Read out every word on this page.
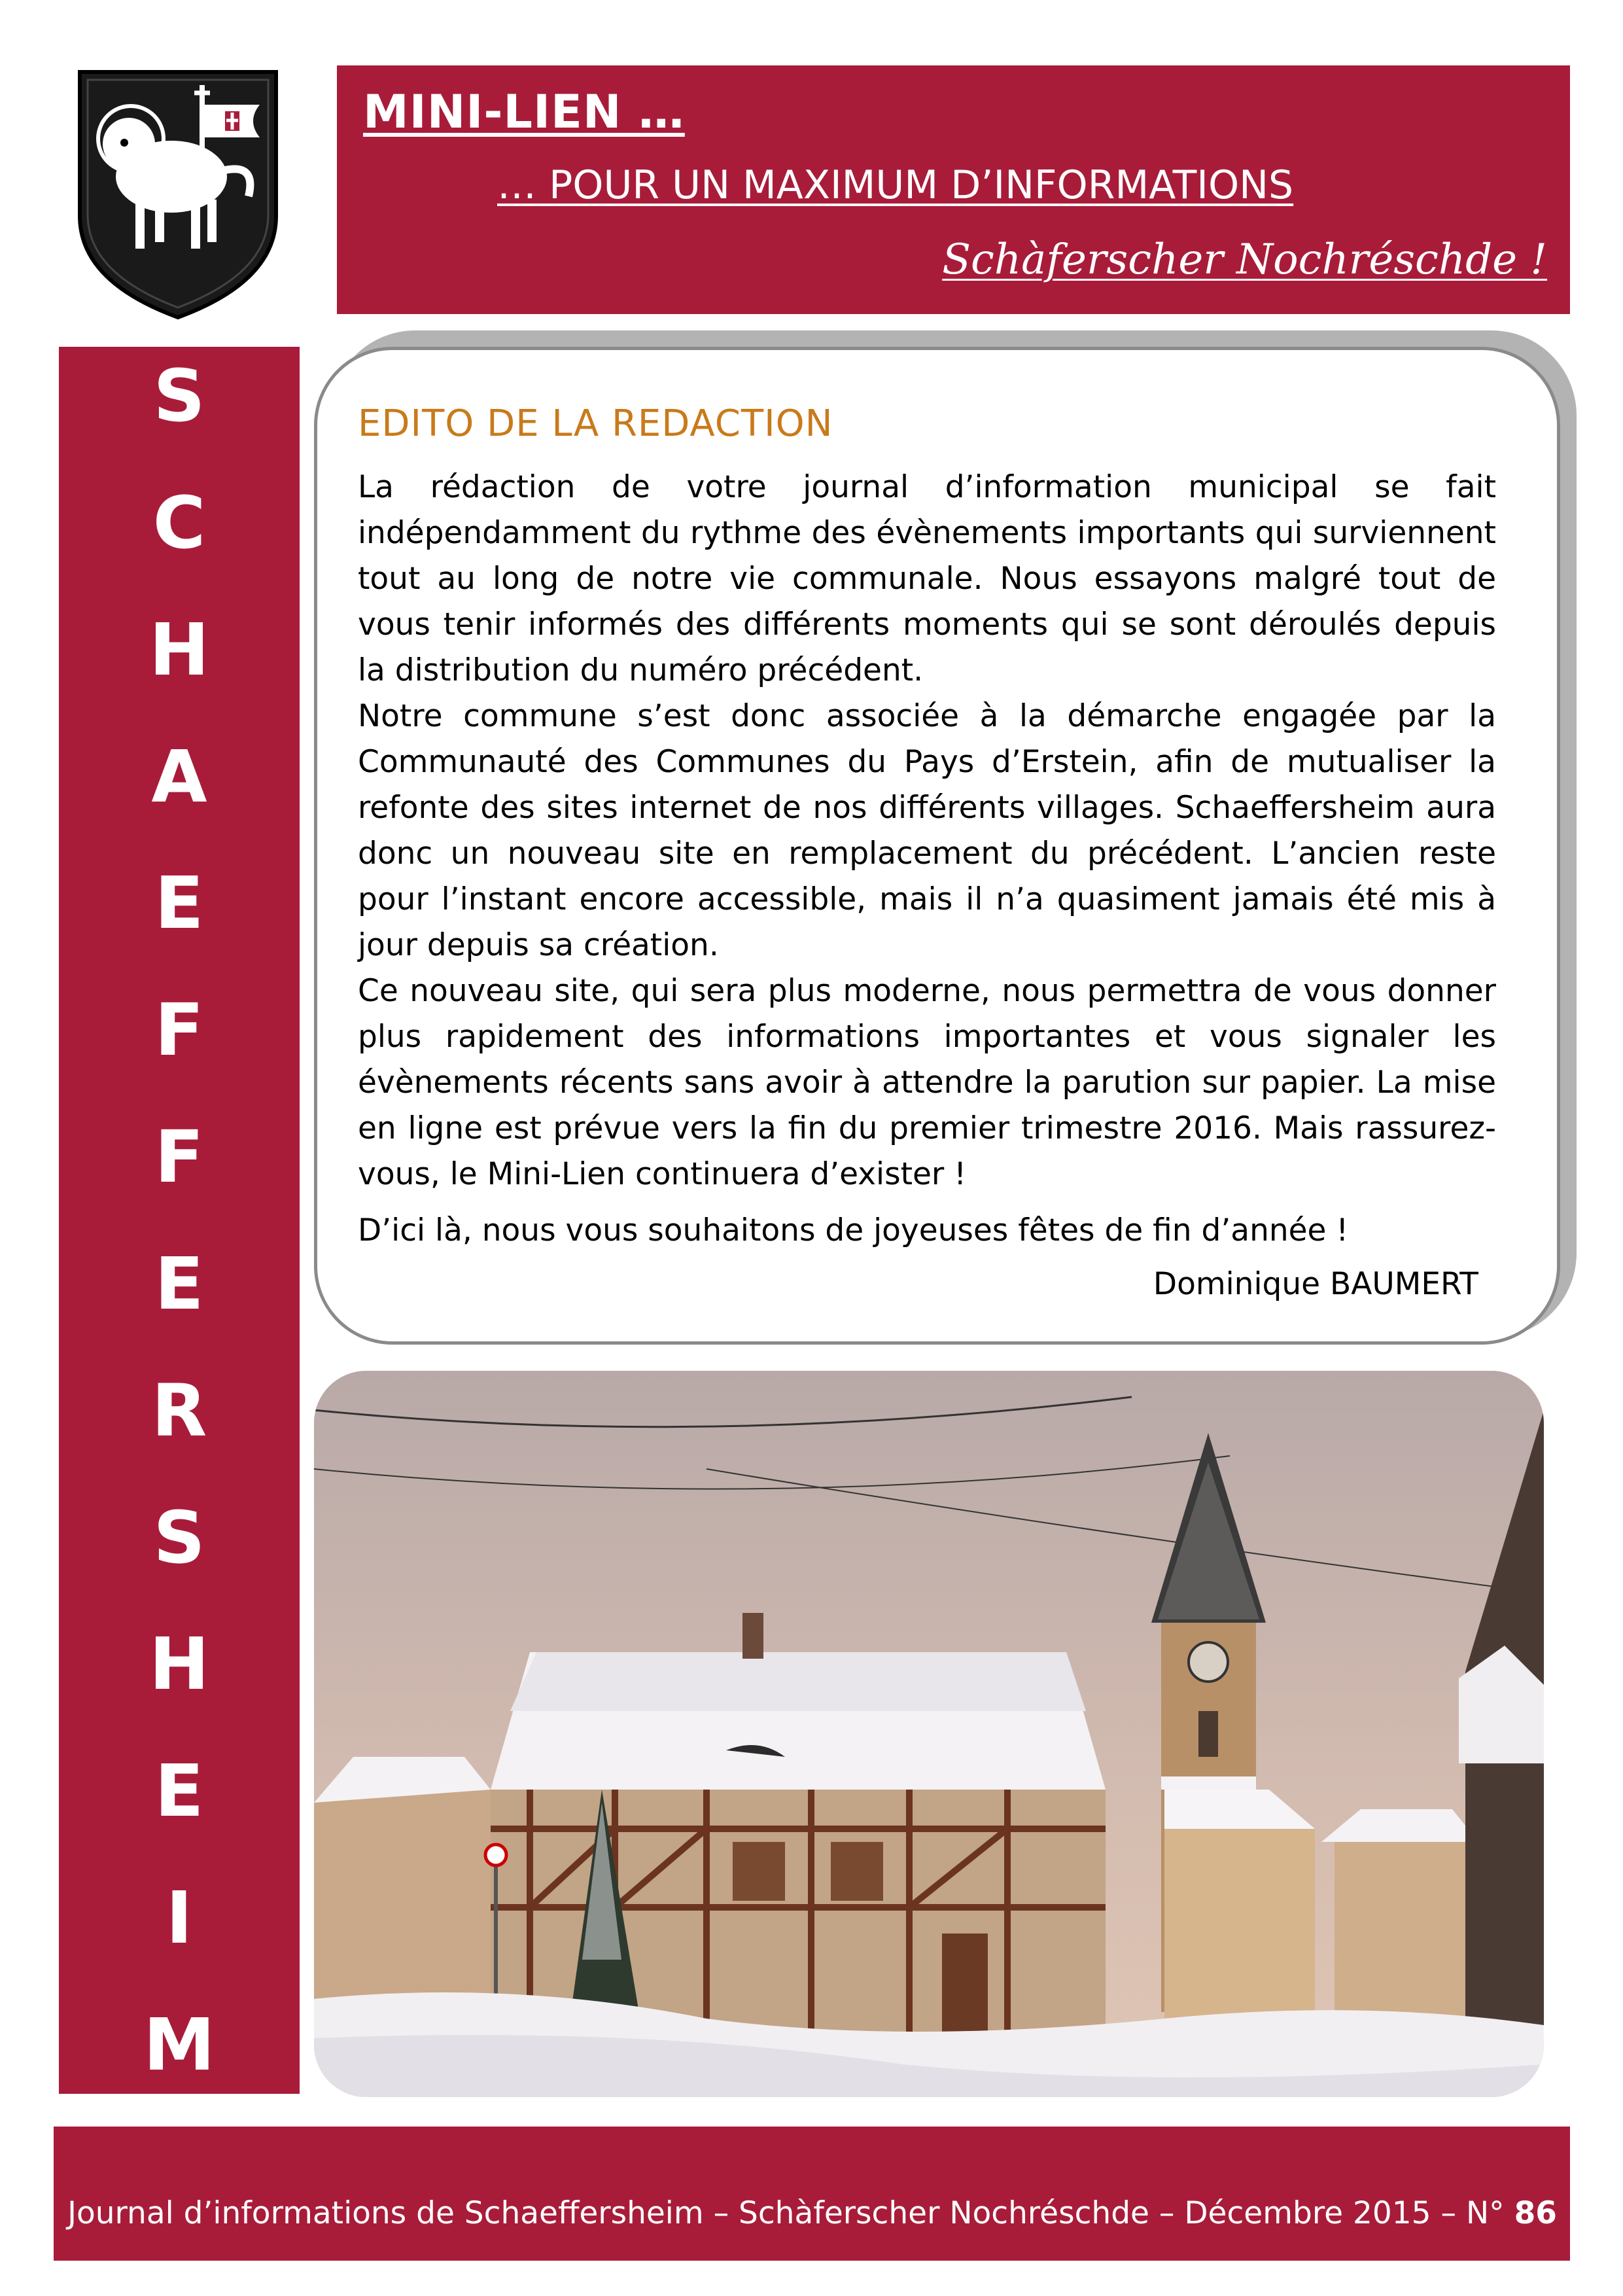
MINI-LIEN …
… POUR UN MAXIMUM D’INFORMATIONS
Schàferscher Nochréschde !
S
C
H
A
E
F
F
E
R
S
H
E
I
M
EDITO DE LA REDACTION

La rédaction de votre journal d’information municipal se fait indépendamment du rythme des évènements importants qui surviennent tout au long de notre vie communale. Nous essayons malgré tout de vous tenir informés des différents moments qui se sont déroulés depuis la distribution du numéro précédent.

Notre commune s’est donc associée à la démarche engagée par la Communauté des Communes du Pays d’Erstein, afin de mutualiser la refonte des sites internet de nos différents villages. Schaeffersheim aura donc un nouveau site en remplacement du précédent. L’ancien reste pour l’instant encore accessible, mais il n’a quasiment jamais été mis à jour depuis sa création.

Ce nouveau site, qui sera plus moderne, nous permettra de vous donner plus rapidement des informations importantes et vous signaler les évènements récents sans avoir à attendre la parution sur papier. La mise en ligne est prévue vers la fin du premier trimestre 2016. Mais rassurez-vous, le Mini-Lien continuera d’exister !

D’ici là, nous vous souhaitons de joyeuses fêtes de fin d’année !

Dominique BAUMERT
Journal d’informations de Schaeffersheim – Schàferscher Nochréschde – Décembre 2015 – N° 86
